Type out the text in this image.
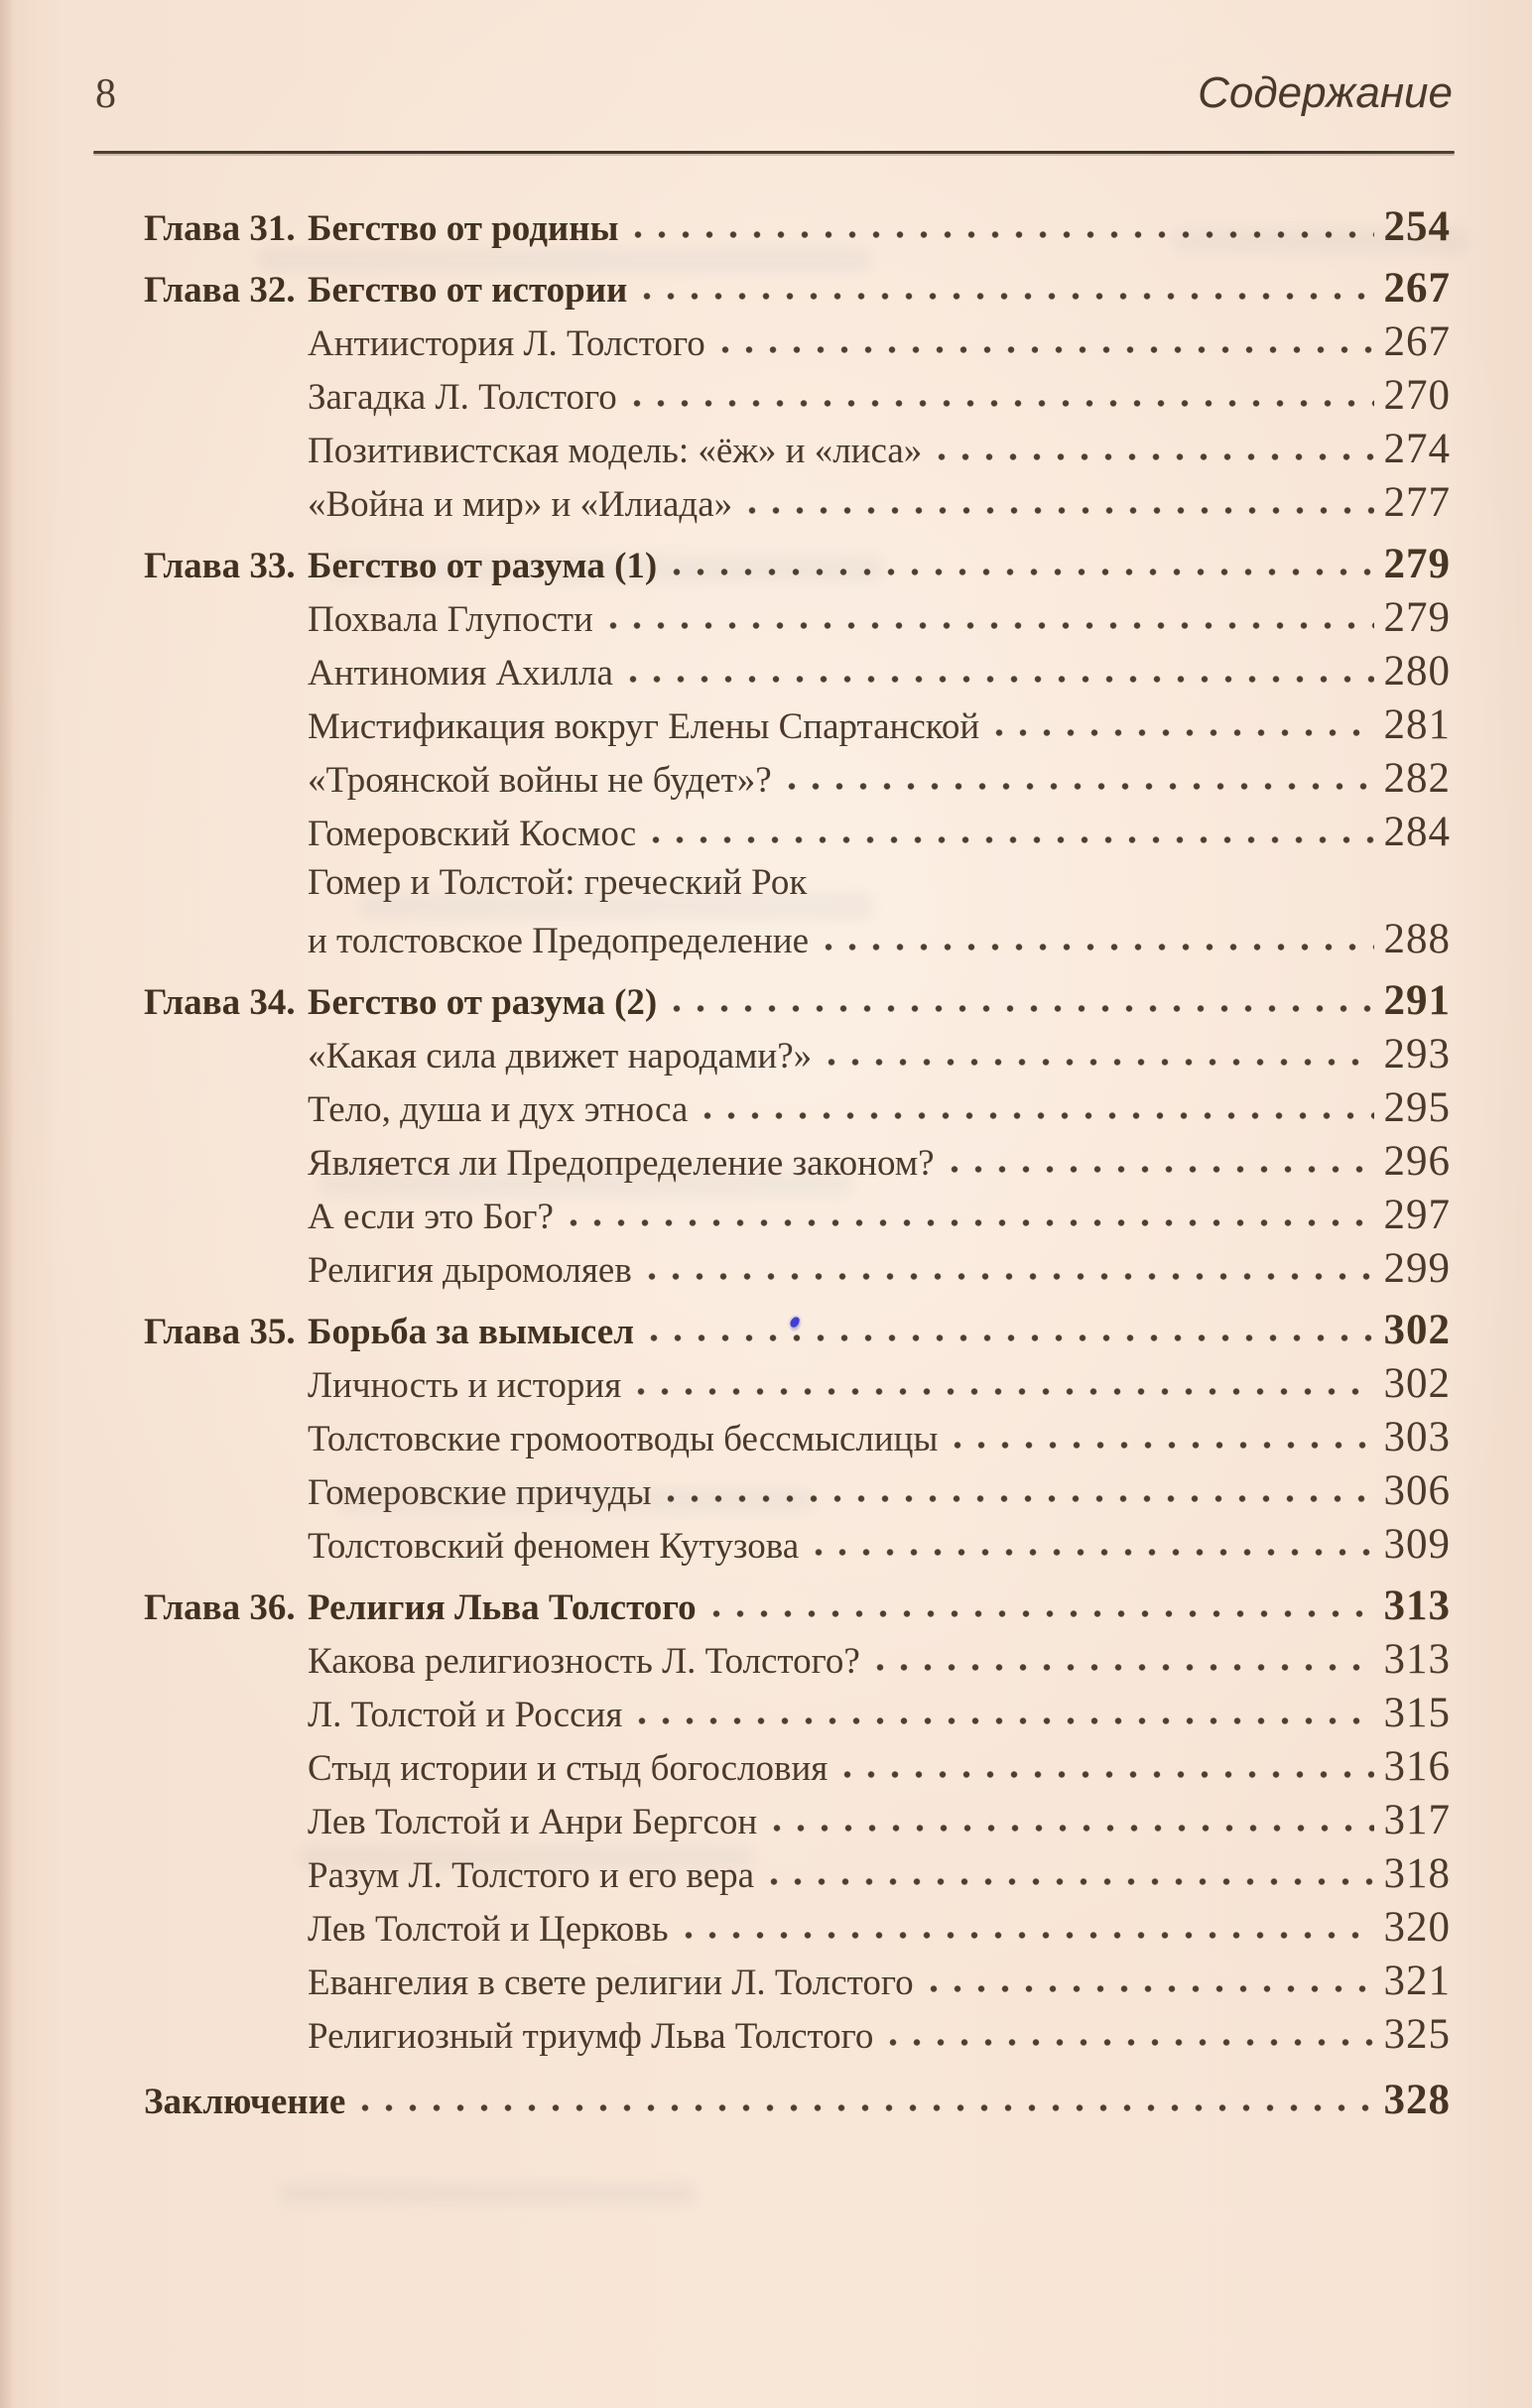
8	Содержание
Глава 31. Бегство от родины	254
Глава 32. Бегство от истории	267
Антиистория Л. Толстого	267
Загадка Л. Толстого	270
Позитивистская модель: «ёж» и «лиса»	274
«Война и мир» и «Илиада»	277
Глава 33. Бегство от разума (1)	279
Похвала Глупости	279
Антиномия Ахилла	280
Мистификация вокруг Елены Спартанской	281
«Троянской войны не будет»?	282
Гомеровский Космос	284
Гомер и Толстой: греческий Рок
и толстовское Предопределение	288
Глава 34. Бегство от разума (2)	291
«Какая сила движет народами?»	293
Тело, душа и дух этноса	295
Является ли Предопределение законом?	296
А если это Бог?	297
Религия дыромоляев	299
Глава 35. Борьба за вымысел	302
Личность и история	302
Толстовские громоотводы бессмыслицы	303
Гомеровские причуды	306
Толстовский феномен Кутузова	309
Глава 36. Религия Льва Толстого	313
Какова религиозность Л. Толстого?	313
Л. Толстой и Россия	315
Стыд истории и стыд богословия	316
Лев Толстой и Анри Бергсон	317
Разум Л. Толстого и его вера	318
Лев Толстой и Церковь	320
Евангелия в свете религии Л. Толстого	321
Религиозный триумф Льва Толстого	325
Заключение	328
